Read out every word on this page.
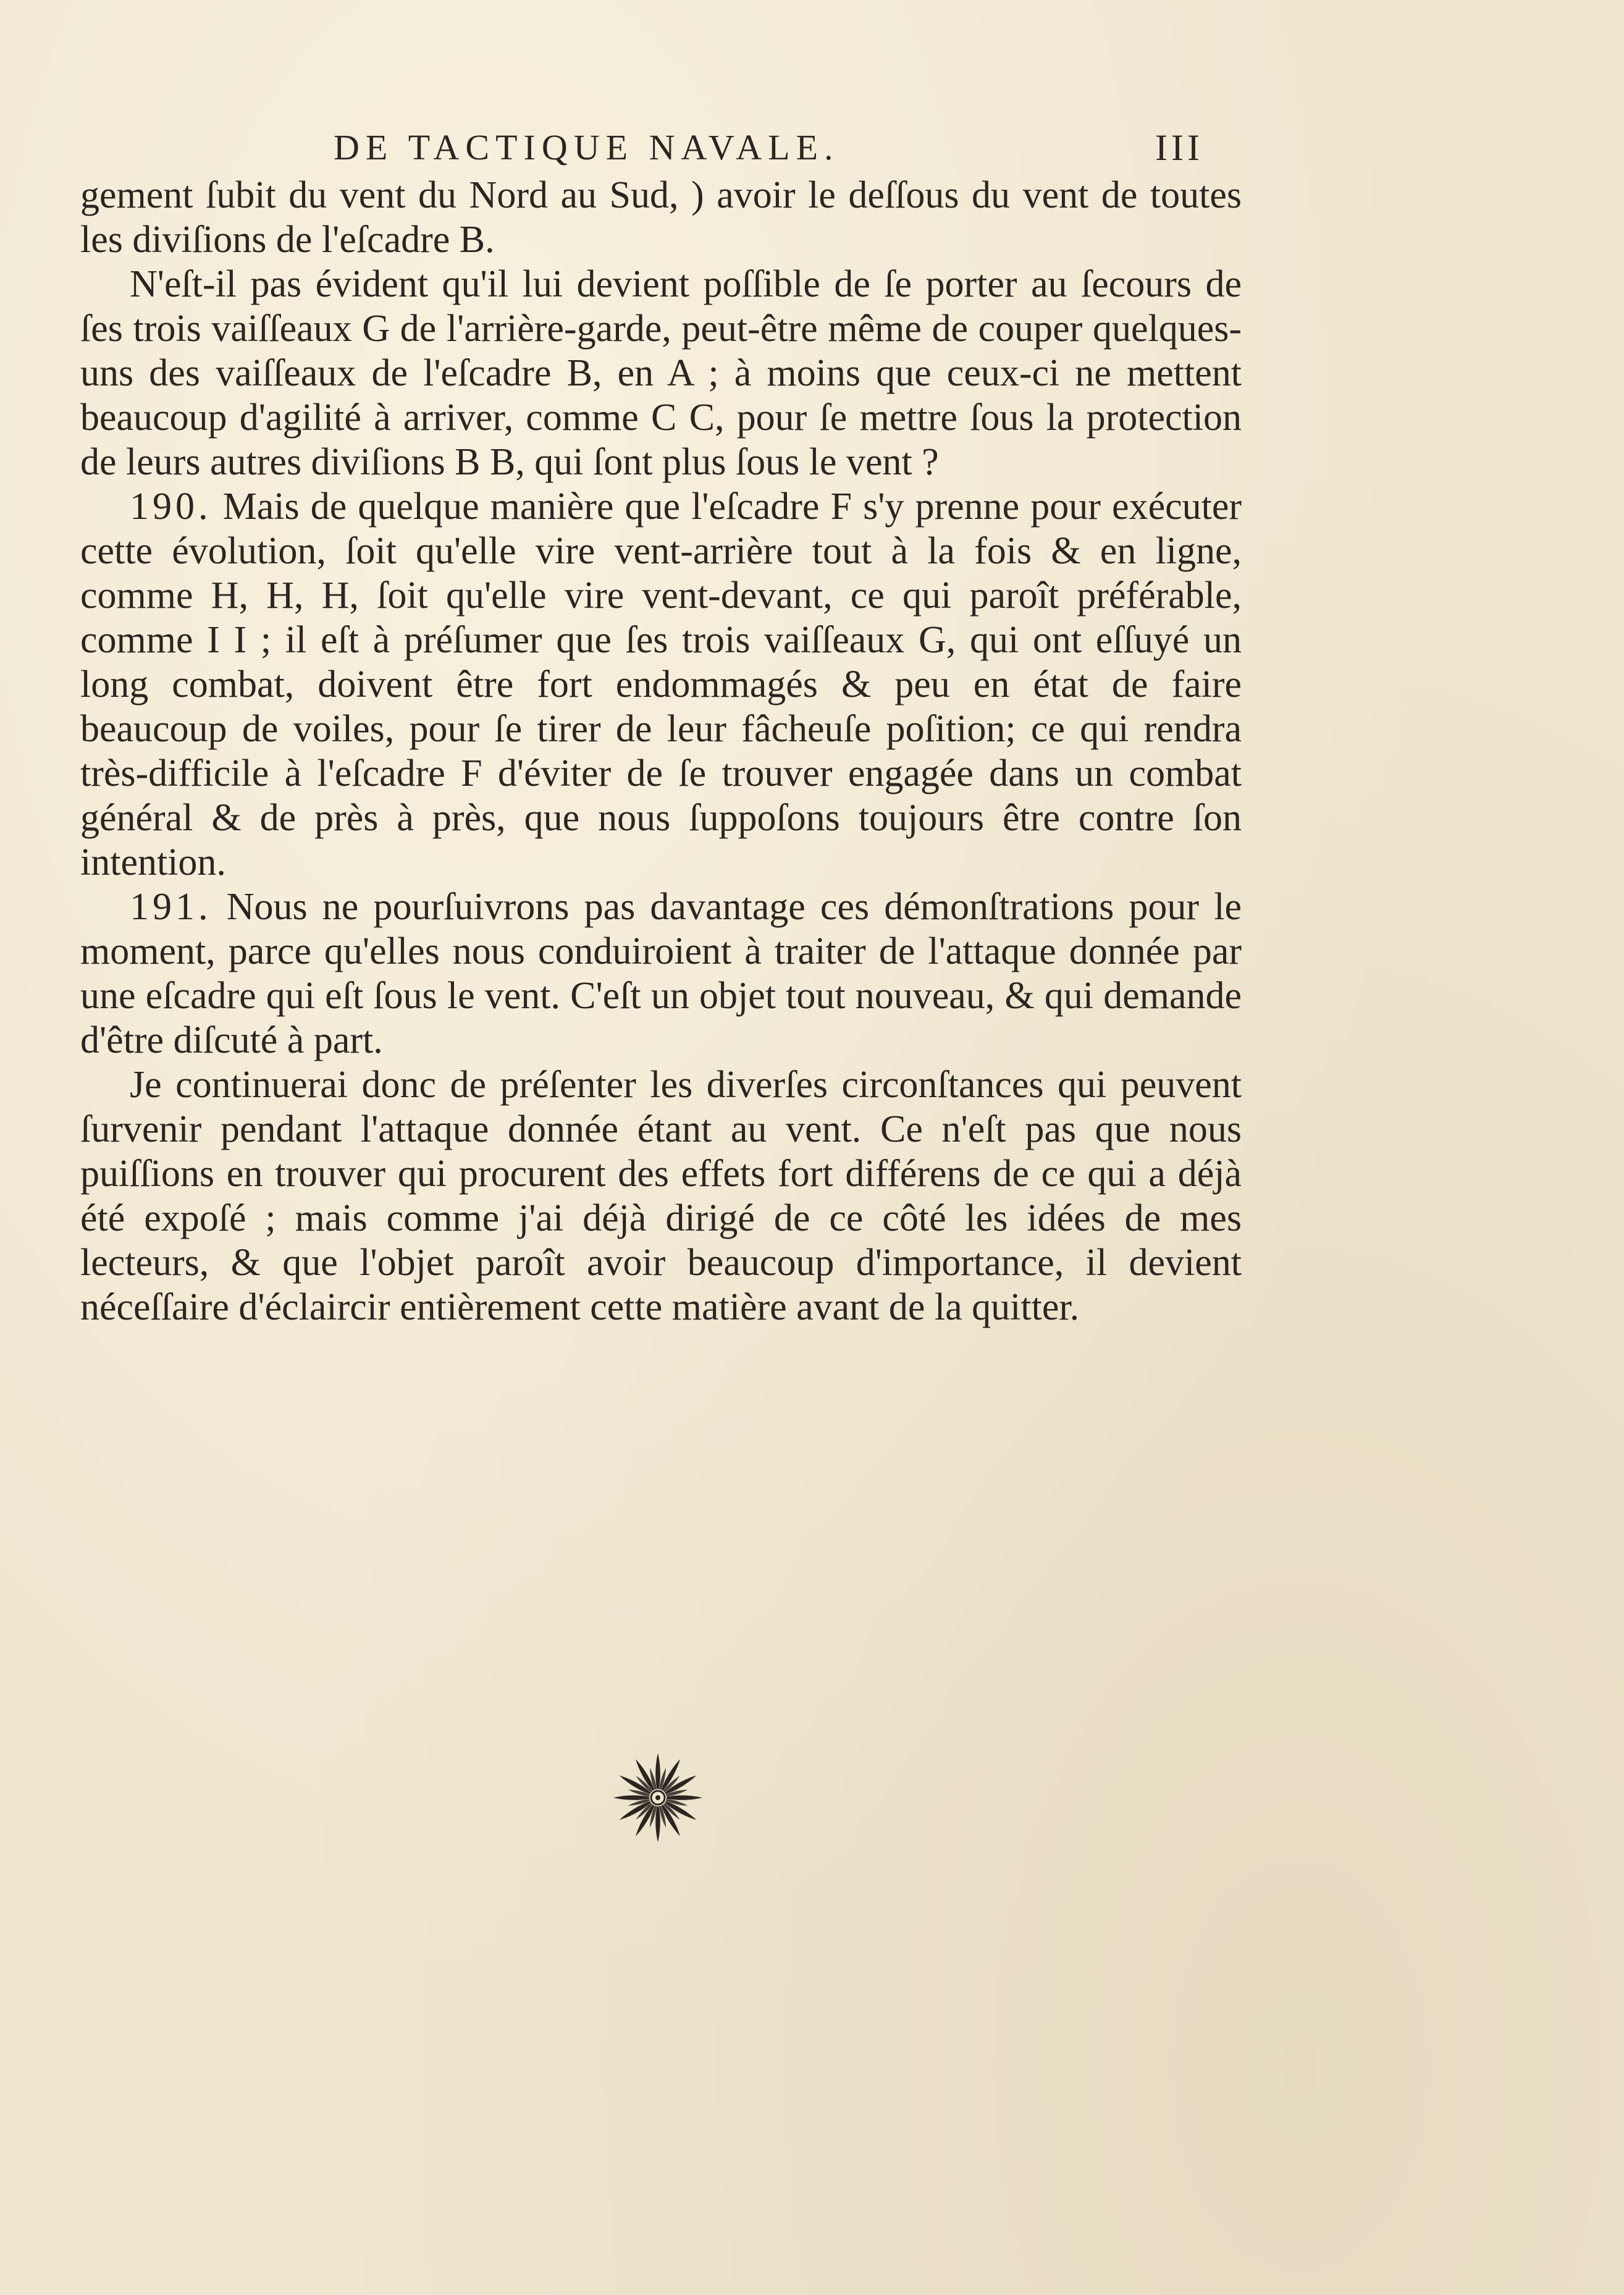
DE TACTIQUE NAVALE.	III

gement ſubit du vent du Nord au Sud, ) avoir le deſſous du vent de toutes les diviſions de l'eſcadre B.

N'eſt-il pas évident qu'il lui devient poſſible de ſe porter au ſecours de ſes trois vaiſſeaux G de l'arrière-garde, peut-être même de couper quelques-uns des vaiſſeaux de l'eſcadre B, en A ; à moins que ceux-ci ne mettent beaucoup d'agilité à arriver, comme C C, pour ſe mettre ſous la protection de leurs autres diviſions B B, qui ſont plus ſous le vent ?

190. Mais de quelque manière que l'eſcadre F s'y prenne pour exécuter cette évolution, ſoit qu'elle vire vent-arrière tout à la fois & en ligne, comme H, H, H, ſoit qu'elle vire vent-devant, ce qui paroît préférable, comme I I ; il eſt à préſumer que ſes trois vaiſſeaux G, qui ont eſſuyé un long combat, doivent être fort endommagés & peu en état de faire beaucoup de voiles, pour ſe tirer de leur fâcheuſe poſition; ce qui rendra très-difficile à l'eſcadre F d'éviter de ſe trouver engagée dans un combat général & de près à près, que nous ſuppoſons toujours être contre ſon intention.

191. Nous ne pourſuivrons pas davantage ces démonſtrations pour le moment, parce qu'elles nous conduiroient à traiter de l'attaque donnée par une eſcadre qui eſt ſous le vent. C'eſt un objet tout nouveau, & qui demande d'être diſcuté à part.

Je continuerai donc de préſenter les diverſes circonſtances qui peuvent ſurvenir pendant l'attaque donnée étant au vent. Ce n'eſt pas que nous puiſſions en trouver qui procurent des effets fort différens de ce qui a déjà été expoſé ; mais comme j'ai déjà dirigé de ce côté les idées de mes lecteurs, & que l'objet paroît avoir beaucoup d'importance, il devient néceſſaire d'éclaircir entièrement cette matière avant de la quitter.
